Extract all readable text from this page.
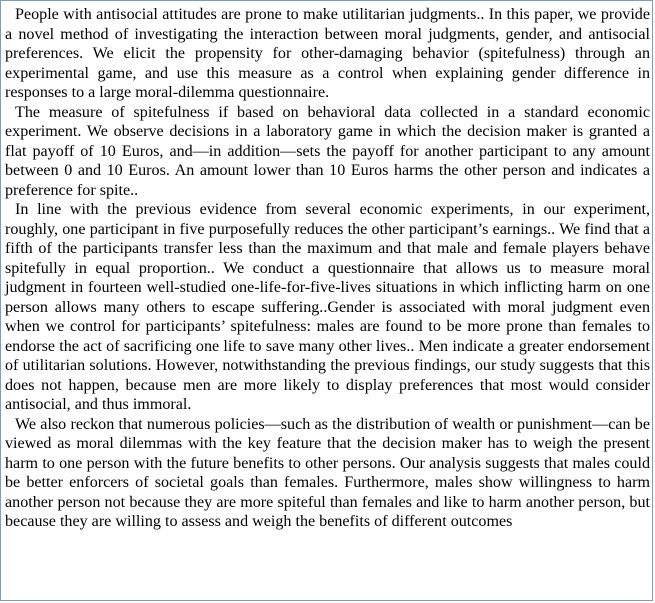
People with antisocial attitudes are prone to make utilitarian judgments.. In this paper, we provide a novel method of investigating the interaction between moral judgments, gender, and antisocial preferences. We elicit the propensity for other-damaging behavior (spitefulness) through an experimental game, and use this measure as a control when explaining gender difference in responses to a large moral-dilemma questionnaire.

The measure of spitefulness if based on behavioral data collected in a standard economic experiment. We observe decisions in a laboratory game in which the decision maker is granted a flat payoff of 10 Euros, and—in addition—sets the payoff for another participant to any amount between 0 and 10 Euros. An amount lower than 10 Euros harms the other person and indicates a preference for spite..

In line with the previous evidence from several economic experiments, in our experiment, roughly, one participant in five purposefully reduces the other participant’s earnings.. We find that a fifth of the participants transfer less than the maximum and that male and female players behave spitefully in equal proportion.. We conduct a questionnaire that allows us to measure moral judgment in fourteen well-studied one-life-for-five-lives situations in which inflicting harm on one person allows many others to escape suffering..Gender is associated with moral judgment even when we control for participants’ spitefulness: males are found to be more prone than females to endorse the act of sacrificing one life to save many other lives.. Men indicate a greater endorsement of utilitarian solutions. However, notwithstanding the previous findings, our study suggests that this does not happen, because men are more likely to display preferences that most would consider antisocial, and thus immoral.

We also reckon that numerous policies—such as the distribution of wealth or punishment—can be viewed as moral dilemmas with the key feature that the decision maker has to weigh the present harm to one person with the future benefits to other persons. Our analysis suggests that males could be better enforcers of societal goals than females. Furthermore, males show willingness to harm another person not because they are more spiteful than females and like to harm another person, but because they are willing to assess and weigh the benefits of different outcomes
